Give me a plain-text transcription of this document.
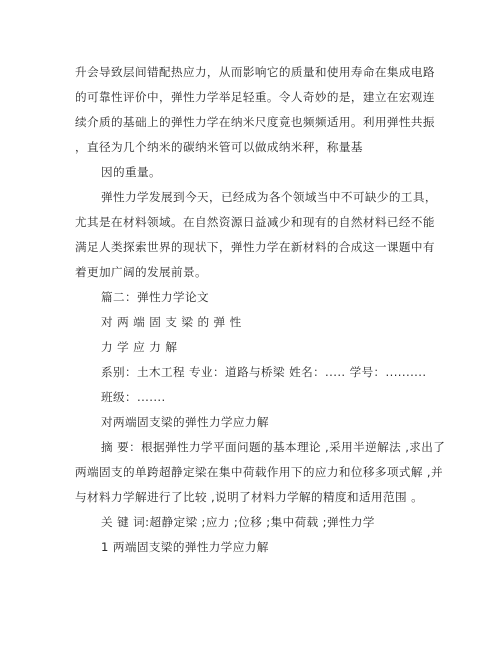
升会导致层间错配热应力，从而影响它的质量和使用寿命在集成电路
的可靠性评价中，弹性力学举足轻重。令人奇妙的是，建立在宏观连
续介质的基础上的弹性力学在纳米尺度竟也频频适用。利用弹性共振
，直径为几个纳米的碳纳米管可以做成纳米秤，称量基
因的重量。
弹性力学发展到今天，已经成为各个领域当中不可缺少的工具，
尤其是在材料领域。在自然资源日益减少和现有的自然材料已经不能
满足人类探索世界的现状下，弹性力学在新材料的合成这一课题中有
着更加广阔的发展前景。
篇二：弹性力学论文
对 两 端 固 支 梁 的 弹 性
力 学 应 力 解
系别：土木工程 专业：道路与桥梁 姓名：..... 学号：..........
班级：.......
对两端固支梁的弹性力学应力解
摘 要：根据弹性力学平面问题的基本理论 ,采用半逆解法 ,求出了
两端固支的单跨超静定梁在集中荷载作用下的应力和位移多项式解 ,并
与材料力学解进行了比较 ,说明了材料力学解的精度和适用范围 。
关 键 词:超静定梁 ;应力 ;位移 ;集中荷载 ;弹性力学
1 两端固支梁的弹性力学应力解
